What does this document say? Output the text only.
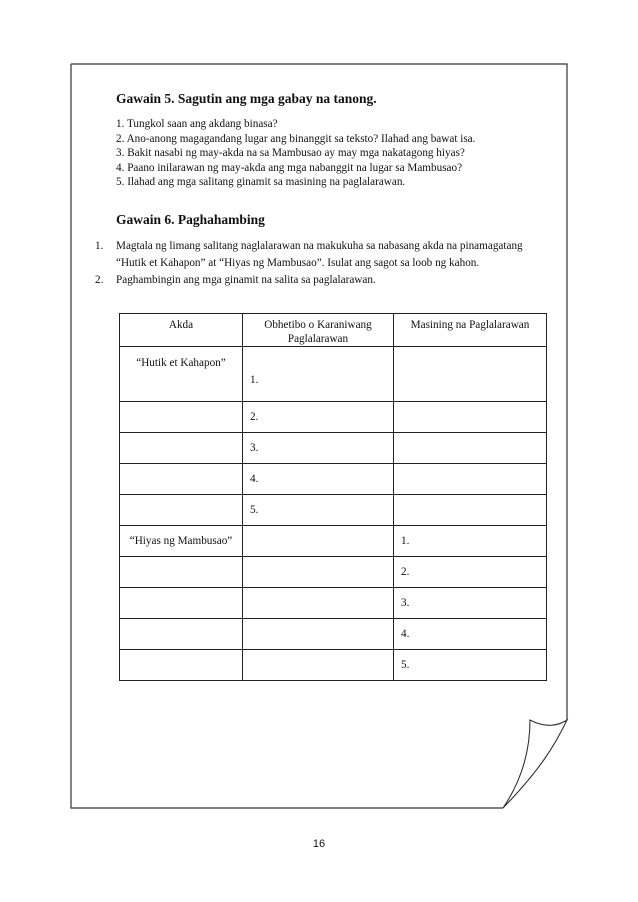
Gawain 5. Sagutin ang mga gabay na tanong.
1. Tungkol saan ang akdang binasa?
2. Ano-anong magagandang lugar ang binanggit sa teksto? Ilahad ang bawat isa.
3. Bakit nasabi ng may-akda na sa Mambusao ay may mga nakatagong hiyas?
4. Paano inilarawan ng may-akda ang mga nabanggit na lugar sa Mambusao?
5. Ilahad ang mga salitang ginamit sa masining na paglalarawan.
Gawain 6. Paghahambing
1. Magtala ng limang salitang naglalarawan na makukuha sa nabasang akda na pinamagatang
“Hutik et Kahapon” at “Hiyas ng Mambusao”. Isulat ang sagot sa loob ng kahon.
2. Paghambingin ang mga ginamit na salita sa paglalarawan.
Akda	Obhetibo o Karaniwang Paglalarawan	Masining na Paglalarawan

“Hutik et Kahapon”	1.	

	2.	

	3.	

	4.	

	5.	

“Hiyas ng Mambusao”		1.

		2.

		3.

		4.

		5.
16
